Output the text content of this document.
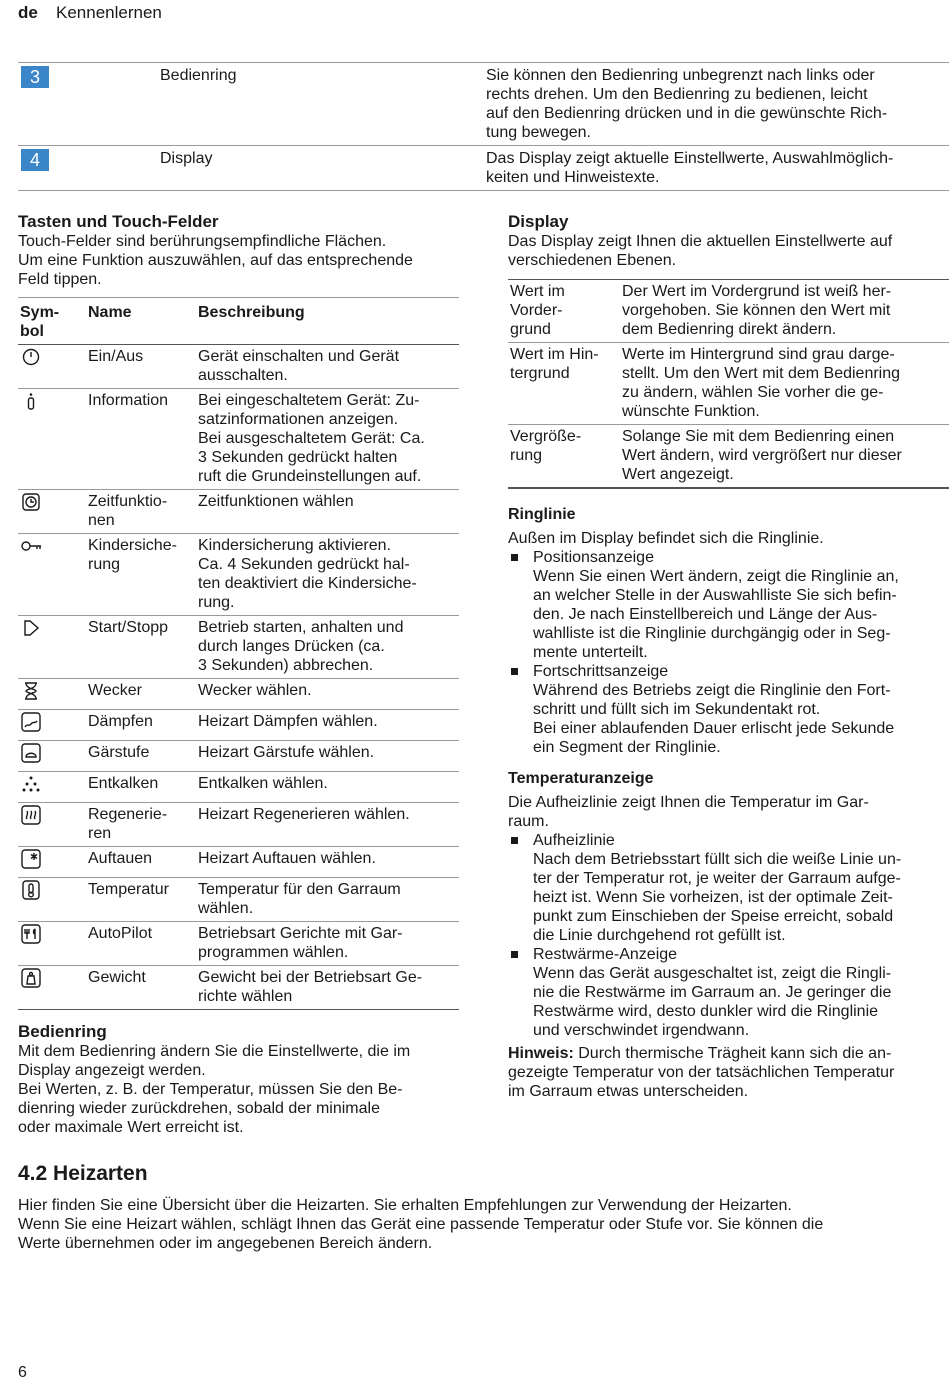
de Kennenlernen
3	Bedienring	Sie können den Bedienring unbegrenzt nach links oder
rechts drehen. Um den Bedienring zu bedienen, leicht
auf den Bedienring drücken und in die gewünschte Rich-
tung bewegen.
4	Display	Das Display zeigt aktuelle Einstellwerte, Auswahlmöglich-
keiten und Hinweistexte.
Tasten und Touch-Felder

Touch-Felder sind berührungsempfindliche Flächen.
Um eine Funktion auszuwählen, auf das entsprechende
Feld tippen.

Sym-
bol	Name	Beschreibung
	Ein/Aus	Gerät einschalten und Gerät
ausschalten.
	Information	Bei eingeschaltetem Gerät: Zu-
satzinformationen anzeigen.
Bei ausgeschaltetem Gerät: Ca.
3 Sekunden gedrückt halten
ruft die Grundeinstellungen auf.
	Zeitfunktio-
nen	Zeitfunktionen wählen
	Kindersiche-
rung	Kindersicherung aktivieren.
Ca. 4 Sekunden gedrückt hal-
ten deaktiviert die Kindersiche-
rung.
	Start/Stopp	Betrieb starten, anhalten und
durch langes Drücken (ca.
3 Sekunden) abbrechen.
	Wecker	Wecker wählen.
	Dämpfen	Heizart Dämpfen wählen.
	Gärstufe	Heizart Gärstufe wählen.
	Entkalken	Entkalken wählen.
	Regenerie-
ren	Heizart Regenerieren wählen.
	Auftauen	Heizart Auftauen wählen.
	Temperatur	Temperatur für den Garraum
wählen.
	AutoPilot	Betriebsart Gerichte mit Gar-
programmen wählen.
	Gewicht	Gewicht bei der Betriebsart Ge-
richte wählen
Bedienring

Mit dem Bedienring ändern Sie die Einstellwerte, die im
Display angezeigt werden.
Bei Werten, z. B. der Temperatur, müssen Sie den Be-
dienring wieder zurückdrehen, sobald der minimale
oder maximale Wert erreicht ist.

Display

Das Display zeigt Ihnen die aktuellen Einstellwerte auf
verschiedenen Ebenen.

Wert im
Vorder-
grund	Der Wert im Vordergrund ist weiß her-
vorgehoben. Sie können den Wert mit
dem Bedienring direkt ändern.
Wert im Hin-
tergrund	Werte im Hintergrund sind grau darge-
stellt. Um den Wert mit dem Bedienring
zu ändern, wählen Sie vorher die ge-
wünschte Funktion.
Vergröße-
rung	Solange Sie mit dem Bedienring einen
Wert ändern, wird vergrößert nur dieser
Wert angezeigt.
Ringlinie

Außen im Display befindet sich die Ringlinie.

Positionsanzeige
Wenn Sie einen Wert ändern, zeigt die Ringlinie an,
an welcher Stelle in der Auswahlliste Sie sich befin-
den. Je nach Einstellbereich und Länge der Aus-
wahlliste ist die Ringlinie durchgängig oder in Seg-
mente unterteilt.
Fortschrittsanzeige
Während des Betriebs zeigt die Ringlinie den Fort-
schritt und füllt sich im Sekundentakt rot.
Bei einer ablaufenden Dauer erlischt jede Sekunde
ein Segment der Ringlinie.
Temperaturanzeige

Die Aufheizlinie zeigt Ihnen die Temperatur im Gar-
raum.

Aufheizlinie
Nach dem Betriebsstart füllt sich die weiße Linie un-
ter der Temperatur rot, je weiter der Garraum aufge-
heizt ist. Wenn Sie vorheizen, ist der optimale Zeit-
punkt zum Einschieben der Speise erreicht, sobald
die Linie durchgehend rot gefüllt ist.
Restwärme-Anzeige
Wenn das Gerät ausgeschaltet ist, zeigt die Ringli-
nie die Restwärme im Garraum an. Je geringer die
Restwärme wird, desto dunkler wird die Ringlinie
und verschwindet irgendwann.

Hinweis: Durch thermische Trägheit kann sich die an-
gezeigte Temperatur von der tatsächlichen Temperatur
im Garraum etwas unterscheiden.

4.2 Heizarten
Hier finden Sie eine Übersicht über die Heizarten. Sie erhalten Empfehlungen zur Verwendung der Heizarten.
Wenn Sie eine Heizart wählen, schlägt Ihnen das Gerät eine passende Temperatur oder Stufe vor. Sie können die
Werte übernehmen oder im angegebenen Bereich ändern.
6
